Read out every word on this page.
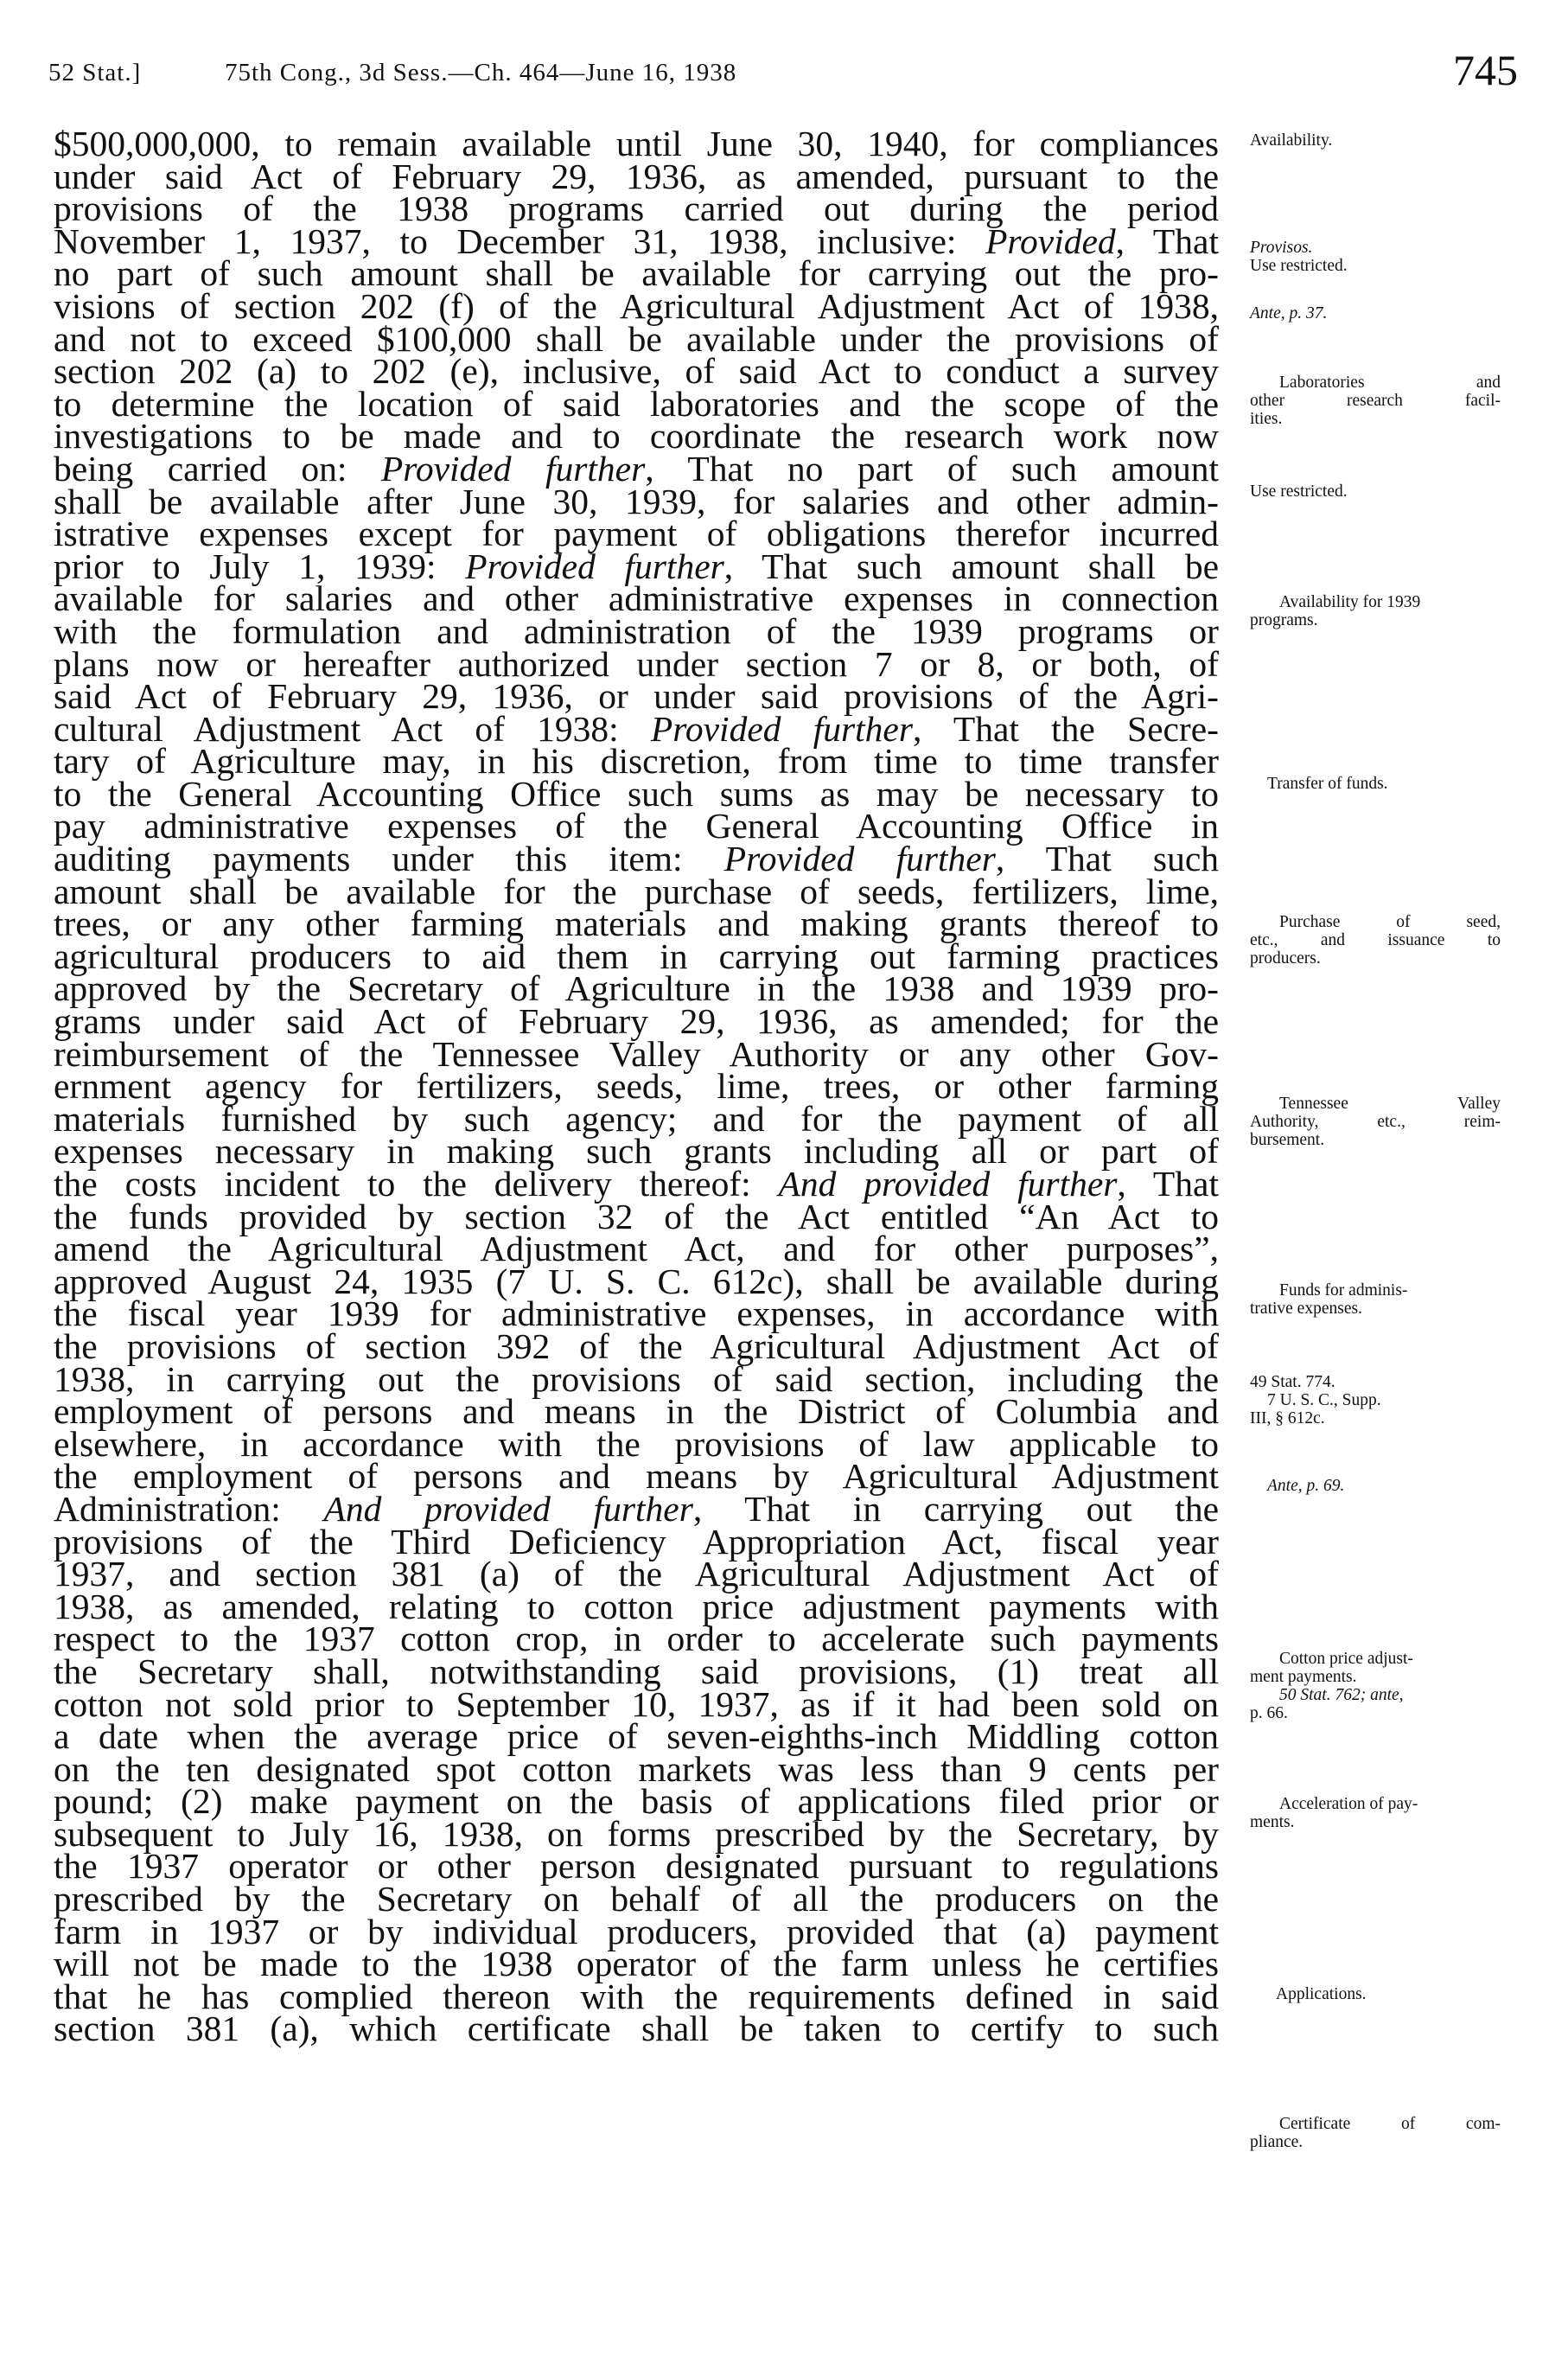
52 Stat.]	75th Cong., 3d Sess.—Ch. 464—June 16, 1938	745
$500,000,000, to remain available until June 30, 1940, for compliances
under said Act of February 29, 1936, as amended, pursuant to the
provisions of the 1938 programs carried out during the period
November 1, 1937, to December 31, 1938, inclusive: Provided, That
no part of such amount shall be available for carrying out the pro-
visions of section 202 (f) of the Agricultural Adjustment Act of 1938,
and not to exceed $100,000 shall be available under the provisions of
section 202 (a) to 202 (e), inclusive, of said Act to conduct a survey
to determine the location of said laboratories and the scope of the
investigations to be made and to coordinate the research work now
being carried on: Provided further, That no part of such amount
shall be available after June 30, 1939, for salaries and other admin-
istrative expenses except for payment of obligations therefor incurred
prior to July 1, 1939: Provided further, That such amount shall be
available for salaries and other administrative expenses in connection
with the formulation and administration of the 1939 programs or
plans now or hereafter authorized under section 7 or 8, or both, of
said Act of February 29, 1936, or under said provisions of the Agri-
cultural Adjustment Act of 1938: Provided further, That the Secre-
tary of Agriculture may, in his discretion, from time to time transfer
to the General Accounting Office such sums as may be necessary to
pay administrative expenses of the General Accounting Office in
auditing payments under this item: Provided further, That such
amount shall be available for the purchase of seeds, fertilizers, lime,
trees, or any other farming materials and making grants thereof to
agricultural producers to aid them in carrying out farming practices
approved by the Secretary of Agriculture in the 1938 and 1939 pro-
grams under said Act of February 29, 1936, as amended; for the
reimbursement of the Tennessee Valley Authority or any other Gov-
ernment agency for fertilizers, seeds, lime, trees, or other farming
materials furnished by such agency; and for the payment of all
expenses necessary in making such grants including all or part of
the costs incident to the delivery thereof: And provided further, That
the funds provided by section 32 of the Act entitled “An Act to
amend the Agricultural Adjustment Act, and for other purposes”,
approved August 24, 1935 (7 U. S. C. 612c), shall be available during
the fiscal year 1939 for administrative expenses, in accordance with
the provisions of section 392 of the Agricultural Adjustment Act of
1938, in carrying out the provisions of said section, including the
employment of persons and means in the District of Columbia and
elsewhere, in accordance with the provisions of law applicable to
the employment of persons and means by Agricultural Adjustment
Administration: And provided further, That in carrying out the
provisions of the Third Deficiency Appropriation Act, fiscal year
1937, and section 381 (a) of the Agricultural Adjustment Act of
1938, as amended, relating to cotton price adjustment payments with
respect to the 1937 cotton crop, in order to accelerate such payments
the Secretary shall, notwithstanding said provisions, (1) treat all
cotton not sold prior to September 10, 1937, as if it had been sold on
a date when the average price of seven-eighths-inch Middling cotton
on the ten designated spot cotton markets was less than 9 cents per
pound; (2) make payment on the basis of applications filed prior or
subsequent to July 16, 1938, on forms prescribed by the Secretary, by
the 1937 operator or other person designated pursuant to regulations
prescribed by the Secretary on behalf of all the producers on the
farm in 1937 or by individual producers, provided that (a) payment
will not be made to the 1938 operator of the farm unless he certifies
that he has complied thereon with the requirements defined in said
section 381 (a), which certificate shall be taken to certify to such
Availability.
Provisos.
Use restricted.
Ante, p. 37.
Laboratories and
other research facil-
ities.
Use restricted.
Availability for 1939
programs.
Transfer of funds.
Purchase of seed,
etc., and issuance to
producers.
Tennessee Valley
Authority, etc., reim-
bursement.
Funds for adminis-
trative expenses.
49 Stat. 774.
7 U. S. C., Supp.
III, § 612c.
Ante, p. 69.
Cotton price adjust-
ment payments.
50 Stat. 762; ante,
p. 66.
Acceleration of pay-
ments.
Applications.
Certificate of com-
pliance.
